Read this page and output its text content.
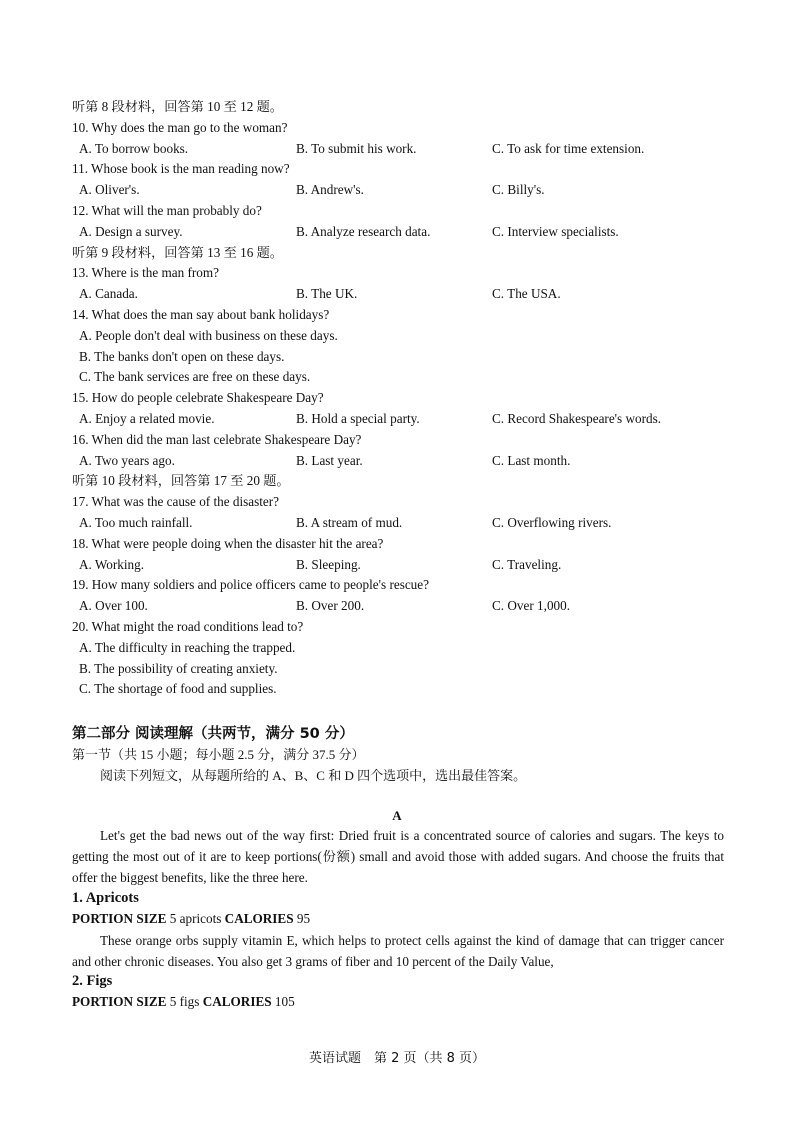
听第 8 段材料，回答第 10 至 12 题。
10. Why does the man go to the woman?
A. To borrow books.	B. To submit his work.	C. To ask for time extension.
11. Whose book is the man reading now?
A. Oliver's.	B. Andrew's.	C. Billy's.
12. What will the man probably do?
A. Design a survey.	B. Analyze research data.	C. Interview specialists.
听第 9 段材料，回答第 13 至 16 题。
13. Where is the man from?
A. Canada.	B. The UK.	C. The USA.
14. What does the man say about bank holidays?
A. People don't deal with business on these days.
B. The banks don't open on these days.
C. The bank services are free on these days.
15. How do people celebrate Shakespeare Day?
A. Enjoy a related movie.	B. Hold a special party.	C. Record Shakespeare's words.
16. When did the man last celebrate Shakespeare Day?
A. Two years ago.	B. Last year.	C. Last month.
听第 10 段材料，回答第 17 至 20 题。
17. What was the cause of the disaster?
A. Too much rainfall.	B. A stream of mud.	C. Overflowing rivers.
18. What were people doing when the disaster hit the area?
A. Working.	B. Sleeping.	C. Traveling.
19. How many soldiers and police officers came to people's rescue?
A. Over 100.	B. Over 200.	C. Over 1,000.
20. What might the road conditions lead to?
A. The difficulty in reaching the trapped.
B. The possibility of creating anxiety.
C. The shortage of food and supplies.
第二部分 阅读理解（共两节，满分 50 分）
第一节（共 15 小题；每小题 2.5 分，满分 37.5 分）
阅读下列短文，从每题所给的 A、B、C 和 D 四个选项中，选出最佳答案。
A
Let's get the bad news out of the way first: Dried fruit is a concentrated source of calories and sugars. The keys to getting the most out of it are to keep portions(份额) small and avoid those with added sugars. And choose the fruits that offer the biggest benefits, like the three here.
1. Apricots
PORTION SIZE 5 apricots CALORIES 95
These orange orbs supply vitamin E, which helps to protect cells against the kind of damage that can trigger cancer and other chronic diseases. You also get 3 grams of fiber and 10 percent of the Daily Value,
2. Figs
PORTION SIZE 5 figs CALORIES 105
英语试题　第 2 页（共 8 页）
